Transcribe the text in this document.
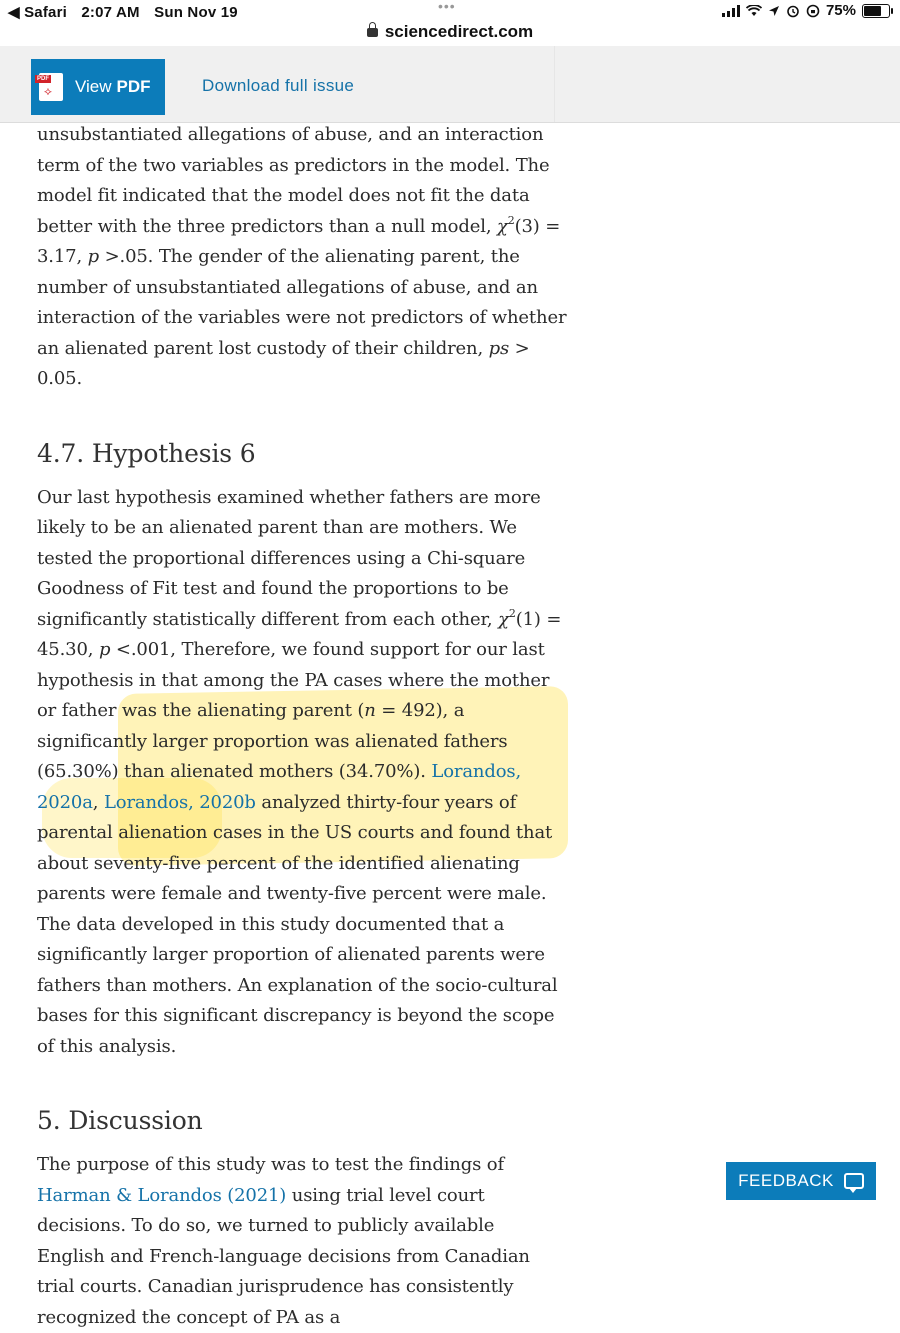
◀ Safari 2:07 AM Sun Nov 19	•••	75%
sciencedirect.com
PDF
⟡ View PDF	Download full issue

unsubstantiated allegations of abuse, and an interaction term of the two variables as predictors in the model. The model fit indicated that the model does not fit the data better with the three predictors than a null model, $\chi^2(3) = 3.17$, p >.05. The gender of the alienating parent, the number of unsubstantiated allegations of abuse, and an interaction of the variables were not predictors of whether an alienated parent lost custody of their children, ps > 0.05.

4.7. Hypothesis 6

Our last hypothesis examined whether fathers are more likely to be an alienated parent than are mothers. We tested the proportional differences using a Chi-square Goodness of Fit test and found the proportions to be significantly statistically different from each other, $\chi^2(1) = 45.30$, p <.001, Therefore, we found support for our last hypothesis in that among the PA cases where the mother or father was the alienating parent (n = 492), a significantly larger proportion was alienated fathers (65.30%) than alienated mothers (34.70%). Lorandos, 2020a, Lorandos, 2020b analyzed thirty-four years of parental alienation cases in the US courts and found that about seventy-five percent of the identified alienating parents were female and twenty-five percent were male. The data developed in this study documented that a significantly larger proportion of alienated parents were fathers than mothers. An explanation of the socio-cultural bases for this significant discrepancy is beyond the scope of this analysis.

5. Discussion

The purpose of this study was to test the findings of Harman & Lorandos (2021) using trial level court decisions. To do so, we turned to publicly available English and French-language decisions from Canadian trial courts. Canadian jurisprudence has consistently recognized the concept of PA as a

FEEDBACK
